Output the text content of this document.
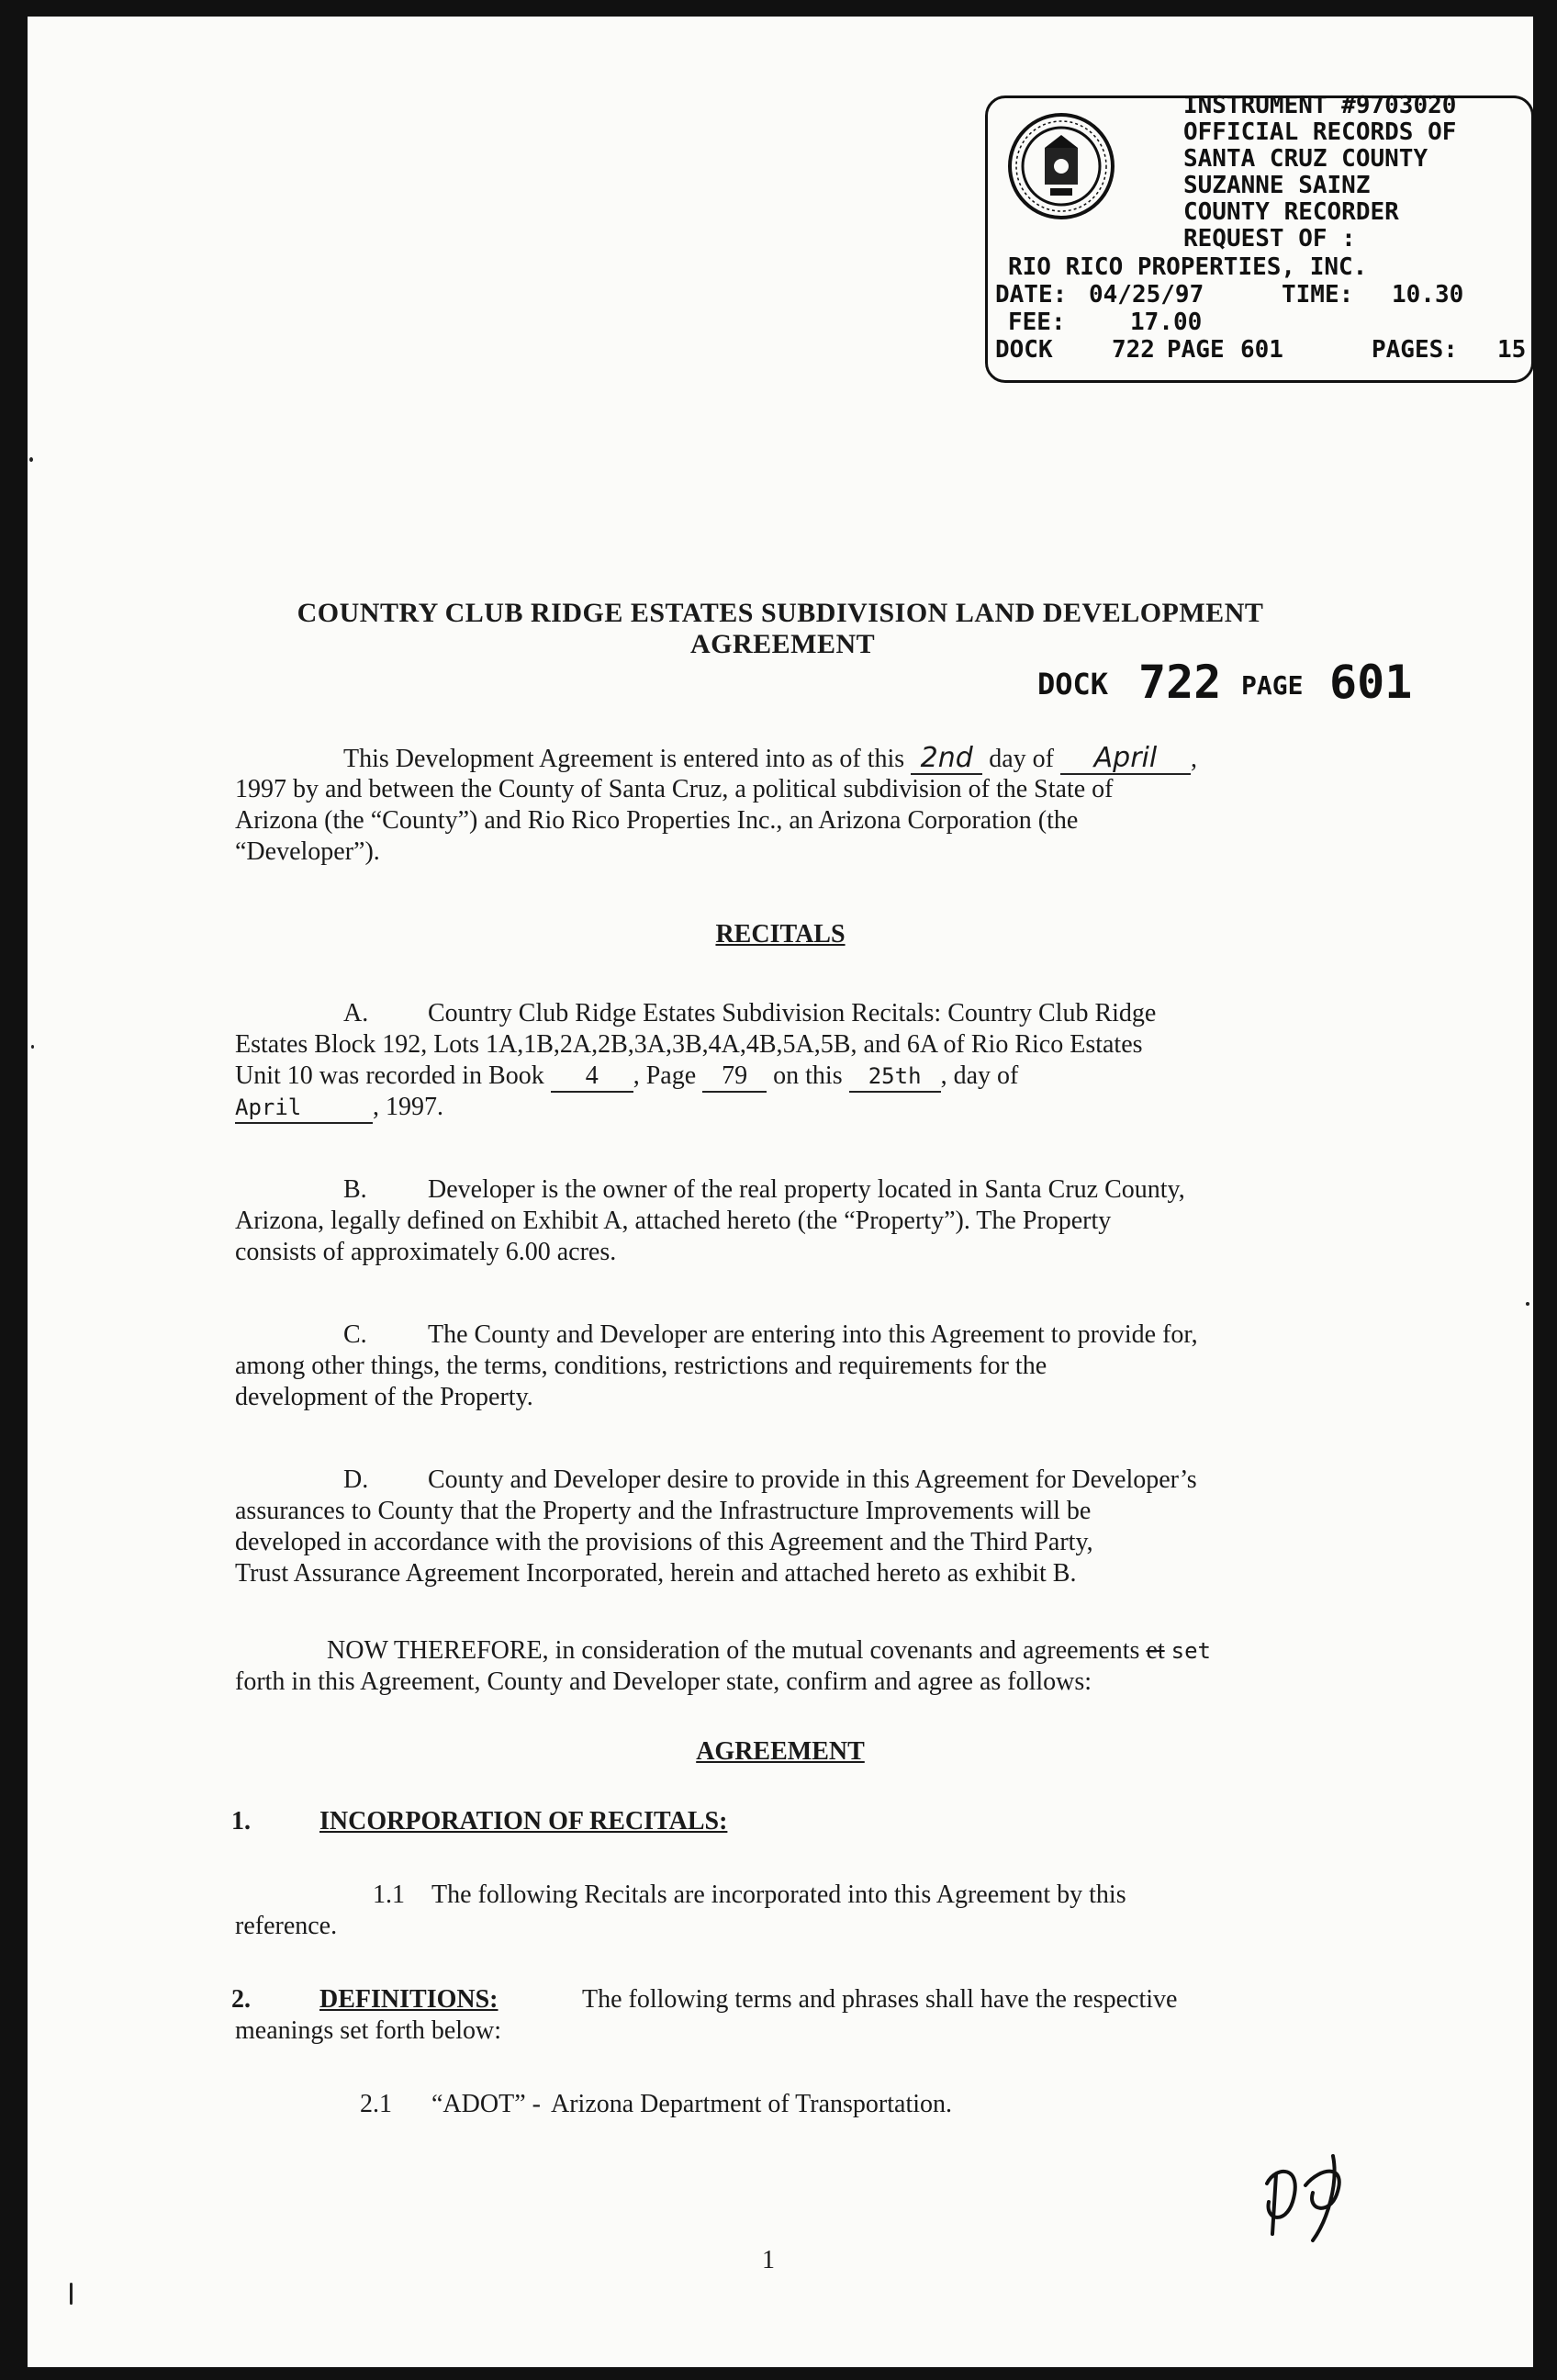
INSTRUMENT #9703020
OFFICIAL RECORDS OF
SANTA CRUZ COUNTY
SUZANNE SAINZ
COUNTY RECORDER
REQUEST OF :
RIO RICO PROPERTIES, INC.
DATE: 04/25/97	TIME: 10.30
FEE:	17.00
DOCK 722 PAGE 601	PAGES: 15
COUNTRY CLUB RIDGE ESTATES SUBDIVISION LAND DEVELOPMENT
AGREEMENT
DOCK 722 PAGE 601
This Development Agreement is entered into as of this 2nd day of April ,
1997 by and between the County of Santa Cruz, a political subdivision of the State of
Arizona (the “County”) and Rio Rico Properties Inc., an Arizona Corporation (the
“Developer”).
RECITALS
A. Country Club Ridge Estates Subdivision Recitals: Country Club Ridge
Estates Block 192, Lots 1A,1B,2A,2B,3A,3B,4A,4B,5A,5B, and 6A of Rio Rico Estates
Unit 10 was recorded in Book 4 , Page 79 on this 25th , day of
April	, 1997.
B. Developer is the owner of the real property located in Santa Cruz County,
Arizona, legally defined on Exhibit A, attached hereto (the “Property”). The Property
consists of approximately 6.00 acres.
C. The County and Developer are entering into this Agreement to provide for,
among other things, the terms, conditions, restrictions and requirements for the
development of the Property.
D. County and Developer desire to provide in this Agreement for Developer’s
assurances to County that the Property and the Infrastructure Improvements will be
developed in accordance with the provisions of this Agreement and the Third Party,
Trust Assurance Agreement Incorporated, herein and attached hereto as exhibit B.
NOW THEREFORE, in consideration of the mutual covenants and agreements et set
forth in this Agreement, County and Developer state, confirm and agree as follows:
AGREEMENT
1.	INCORPORATION OF RECITALS:
1.1 The following Recitals are incorporated into this Agreement by this
reference.
2.	DEFINITIONS:	The following terms and phrases shall have the respective
meanings set forth below:
2.1 “ADOT” - Arizona Department of Transportation.
1
